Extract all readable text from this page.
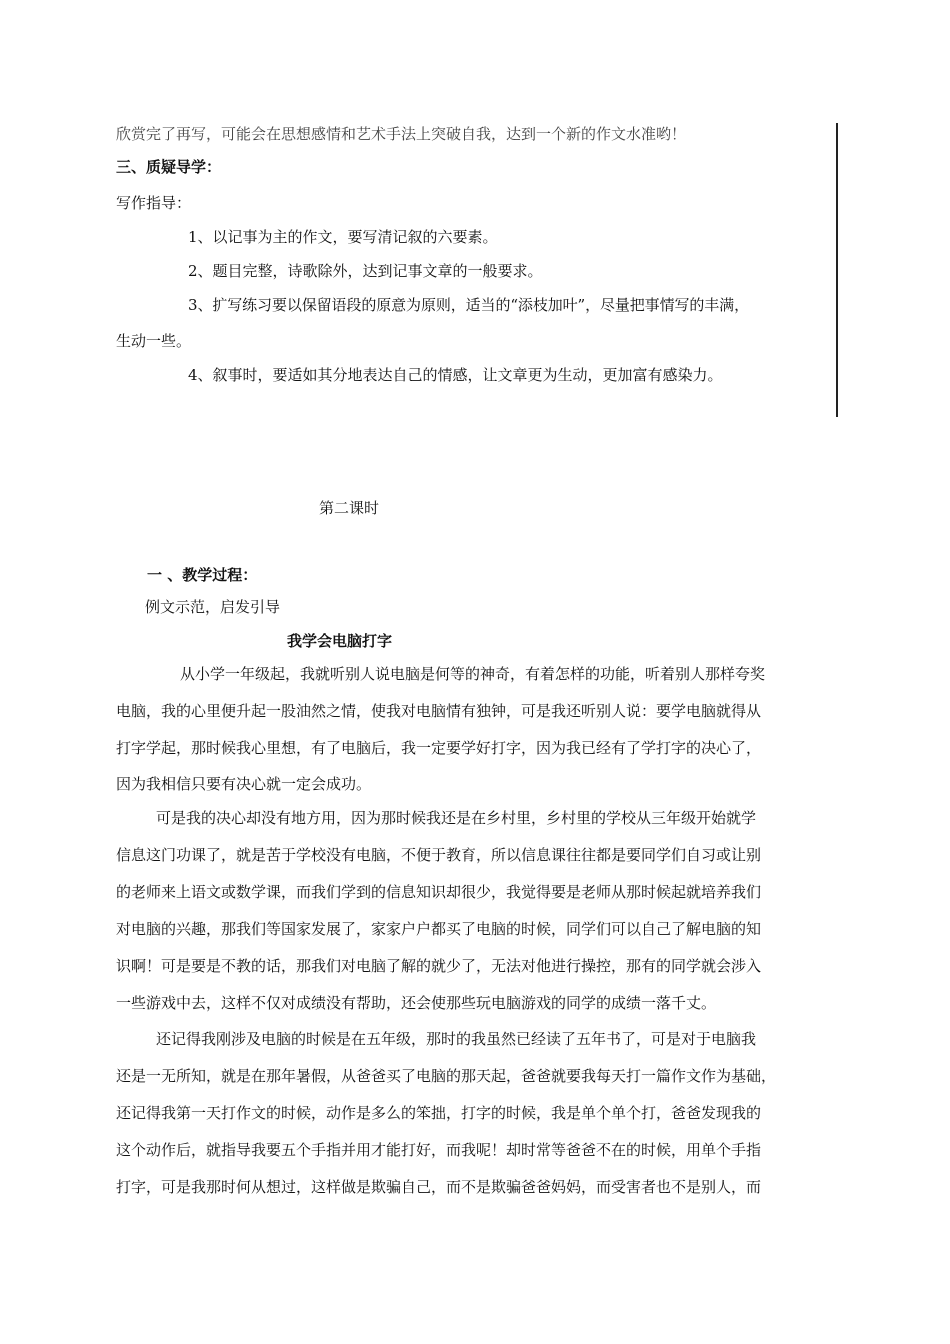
欣赏完了再写，可能会在思想感情和艺术手法上突破自我，达到一个新的作文水准哟！
三、质疑导学：
写作指导：
1、以记事为主的作文，要写清记叙的六要素。
2、题目完整，诗歌除外，达到记事文章的一般要求。
3、扩写练习要以保留语段的原意为原则，适当的“添枝加叶”，尽量把事情写的丰满，
生动一些。
4、叙事时，要适如其分地表达自己的情感，让文章更为生动，更加富有感染力。
第二课时
一 、教学过程：
例文示范，启发引导
我学会电脑打字
从小学一年级起，我就听别人说电脑是何等的神奇，有着怎样的功能，听着别人那样夸奖
电脑，我的心里便升起一股油然之情，使我对电脑情有独钟，可是我还听别人说：要学电脑就得从
打字学起，那时候我心里想，有了电脑后，我一定要学好打字，因为我已经有了学打字的决心了，
因为我相信只要有决心就一定会成功。
可是我的决心却没有地方用，因为那时候我还是在乡村里，乡村里的学校从三年级开始就学
信息这门功课了，就是苦于学校没有电脑，不便于教育，所以信息课往往都是要同学们自习或让别
的老师来上语文或数学课，而我们学到的信息知识却很少，我觉得要是老师从那时候起就培养我们
对电脑的兴趣，那我们等国家发展了，家家户户都买了电脑的时候，同学们可以自己了解电脑的知
识啊！可是要是不教的话，那我们对电脑了解的就少了，无法对他进行操控，那有的同学就会涉入
一些游戏中去，这样不仅对成绩没有帮助，还会使那些玩电脑游戏的同学的成绩一落千丈。
还记得我刚涉及电脑的时候是在五年级，那时的我虽然已经读了五年书了，可是对于电脑我
还是一无所知，就是在那年暑假，从爸爸买了电脑的那天起，爸爸就要我每天打一篇作文作为基础，
还记得我第一天打作文的时候，动作是多么的笨拙，打字的时候，我是单个单个打，爸爸发现我的
这个动作后，就指导我要五个手指并用才能打好，而我呢！却时常等爸爸不在的时候，用单个手指
打字，可是我那时何从想过，这样做是欺骗自己，而不是欺骗爸爸妈妈，而受害者也不是别人，而
